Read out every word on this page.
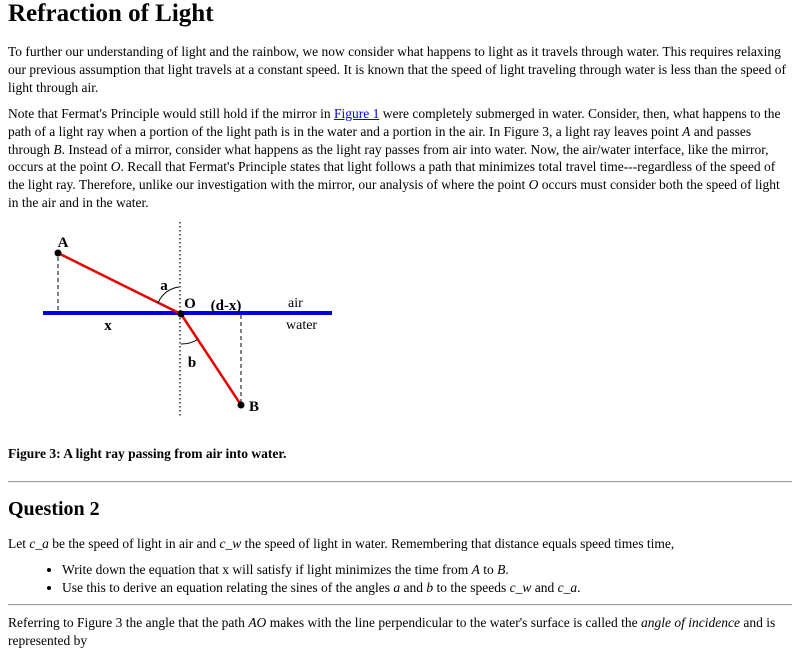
Refraction of Light

To further our understanding of light and the rainbow, we now consider what happens to light as it travels through water. This requires relaxing our previous assumption that light travels at a constant speed. It is known that the speed of light traveling through water is less than the speed of light through air.

Note that Fermat's Principle would still hold if the mirror in Figure 1 were completely submerged in water. Consider, then, what happens to the path of a light ray when a portion of the light path is in the water and a portion in the air. In Figure 3, a light ray leaves point A and passes through B. Instead of a mirror, consider what happens as the light ray passes from air into water. Now, the air/water interface, like the mirror, occurs at the point O. Recall that Fermat's Principle states that light follows a path that minimizes total travel time---regardless of the speed of the light ray. Therefore, unlike our investigation with the mirror, our analysis of where the point O occurs must consider both the speed of light in the air and in the water.

A
O
B
a
b
x
(d-x)	air
water

Figure 3: A light ray passing from air into water.

Question 2

Let c_a be the speed of light in air and c_w the speed of light in water. Remembering that distance equals speed times time,

• Write down the equation that x will satisfy if light minimizes the time from A to B.
• Use this to derive an equation relating the sines of the angles a and b to the speeds c_w and c_a.

Referring to Figure 3 the angle that the path AO makes with the line perpendicular to the water's surface is called the angle of incidence and is represented by
